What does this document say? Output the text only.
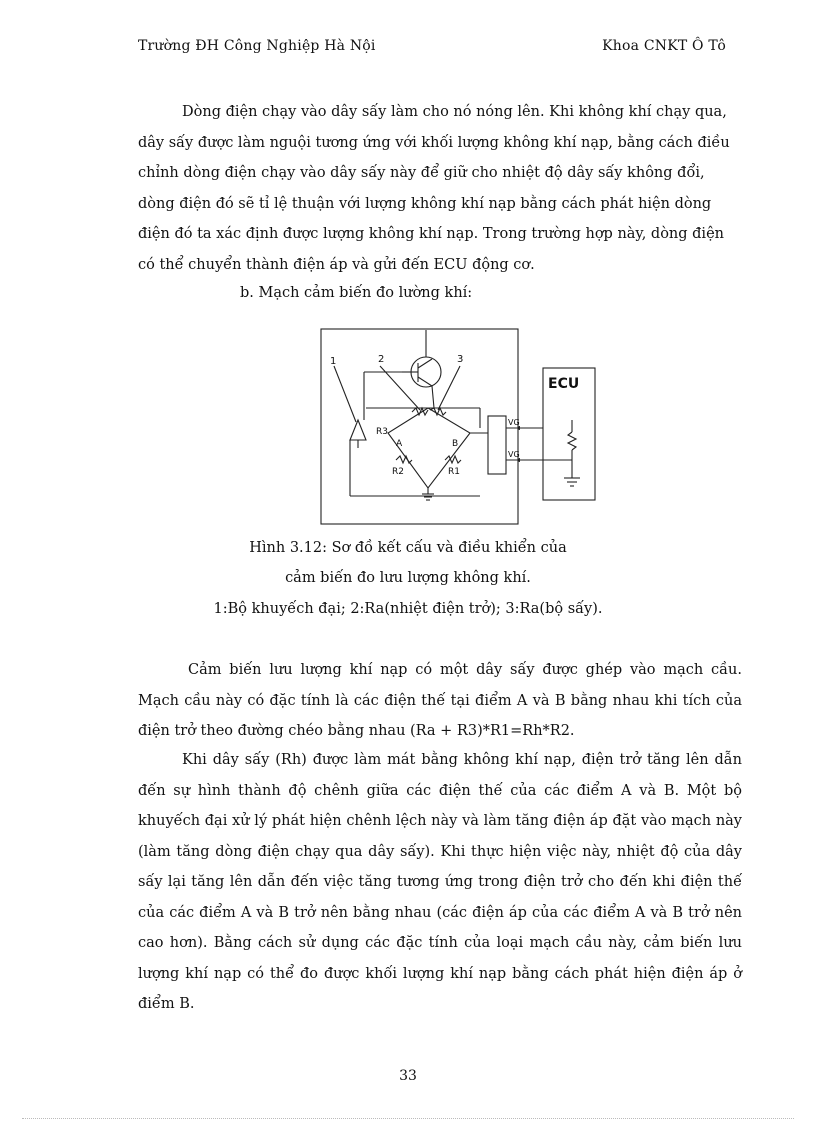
Trường ĐH Công Nghiệp Hà Nội	Khoa CNKT Ô Tô

Dòng điện chạy vào dây sấy làm cho nó nóng lên. Khi không khí chạy qua, dây sấy được làm nguội tương ứng với khối lượng không khí nạp, bằng cách điều chỉnh dòng điện chạy vào dây sấy này để giữ cho nhiệt độ dây sấy không đổi, dòng điện đó sẽ tỉ lệ thuận với lượng không khí nạp bằng cách phát hiện dòng điện đó ta xác định được lượng không khí nạp. Trong trường hợp này, dòng điện có thể chuyển thành điện áp và gửi đến ECU động cơ.

b. Mạch cảm biến đo lường khí:
1	2	3
R3
A	B
R2	R1
VG
VG
ECU
Hình 3.12: Sơ đồ kết cấu và điều khiển của
cảm biến đo lưu lượng không khí.
1:Bộ khuyếch đại; 2:Ra(nhiệt điện trở); 3:Ra(bộ sấy).

Cảm biến lưu lượng khí nạp có một dây sấy được ghép vào mạch cầu. Mạch cầu này có đặc tính là các điện thế tại điểm A và B bằng nhau khi tích của điện trở theo đường chéo bằng nhau (Ra + R3)*R1=Rh*R2.

Khi dây sấy (Rh) được làm mát bằng không khí nạp, điện trở tăng lên dẫn đến sự hình thành độ chênh giữa các điện thế của các điểm A và B. Một bộ khuyếch đại xử lý phát hiện chênh lệch này và làm tăng điện áp đặt vào mạch này (làm tăng dòng điện chạy qua dây sấy). Khi thực hiện việc này, nhiệt độ của dây sấy lại tăng lên dẫn đến việc tăng tương ứng trong điện trở cho đến khi điện thế của các điểm A và B trở nên bằng nhau (các điện áp của các điểm A và B trở nên cao hơn). Bằng cách sử dụng các đặc tính của loại mạch cầu này, cảm biến lưu lượng khí nạp có thể đo được khối lượng khí nạp bằng cách phát hiện điện áp ở điểm B.

33
